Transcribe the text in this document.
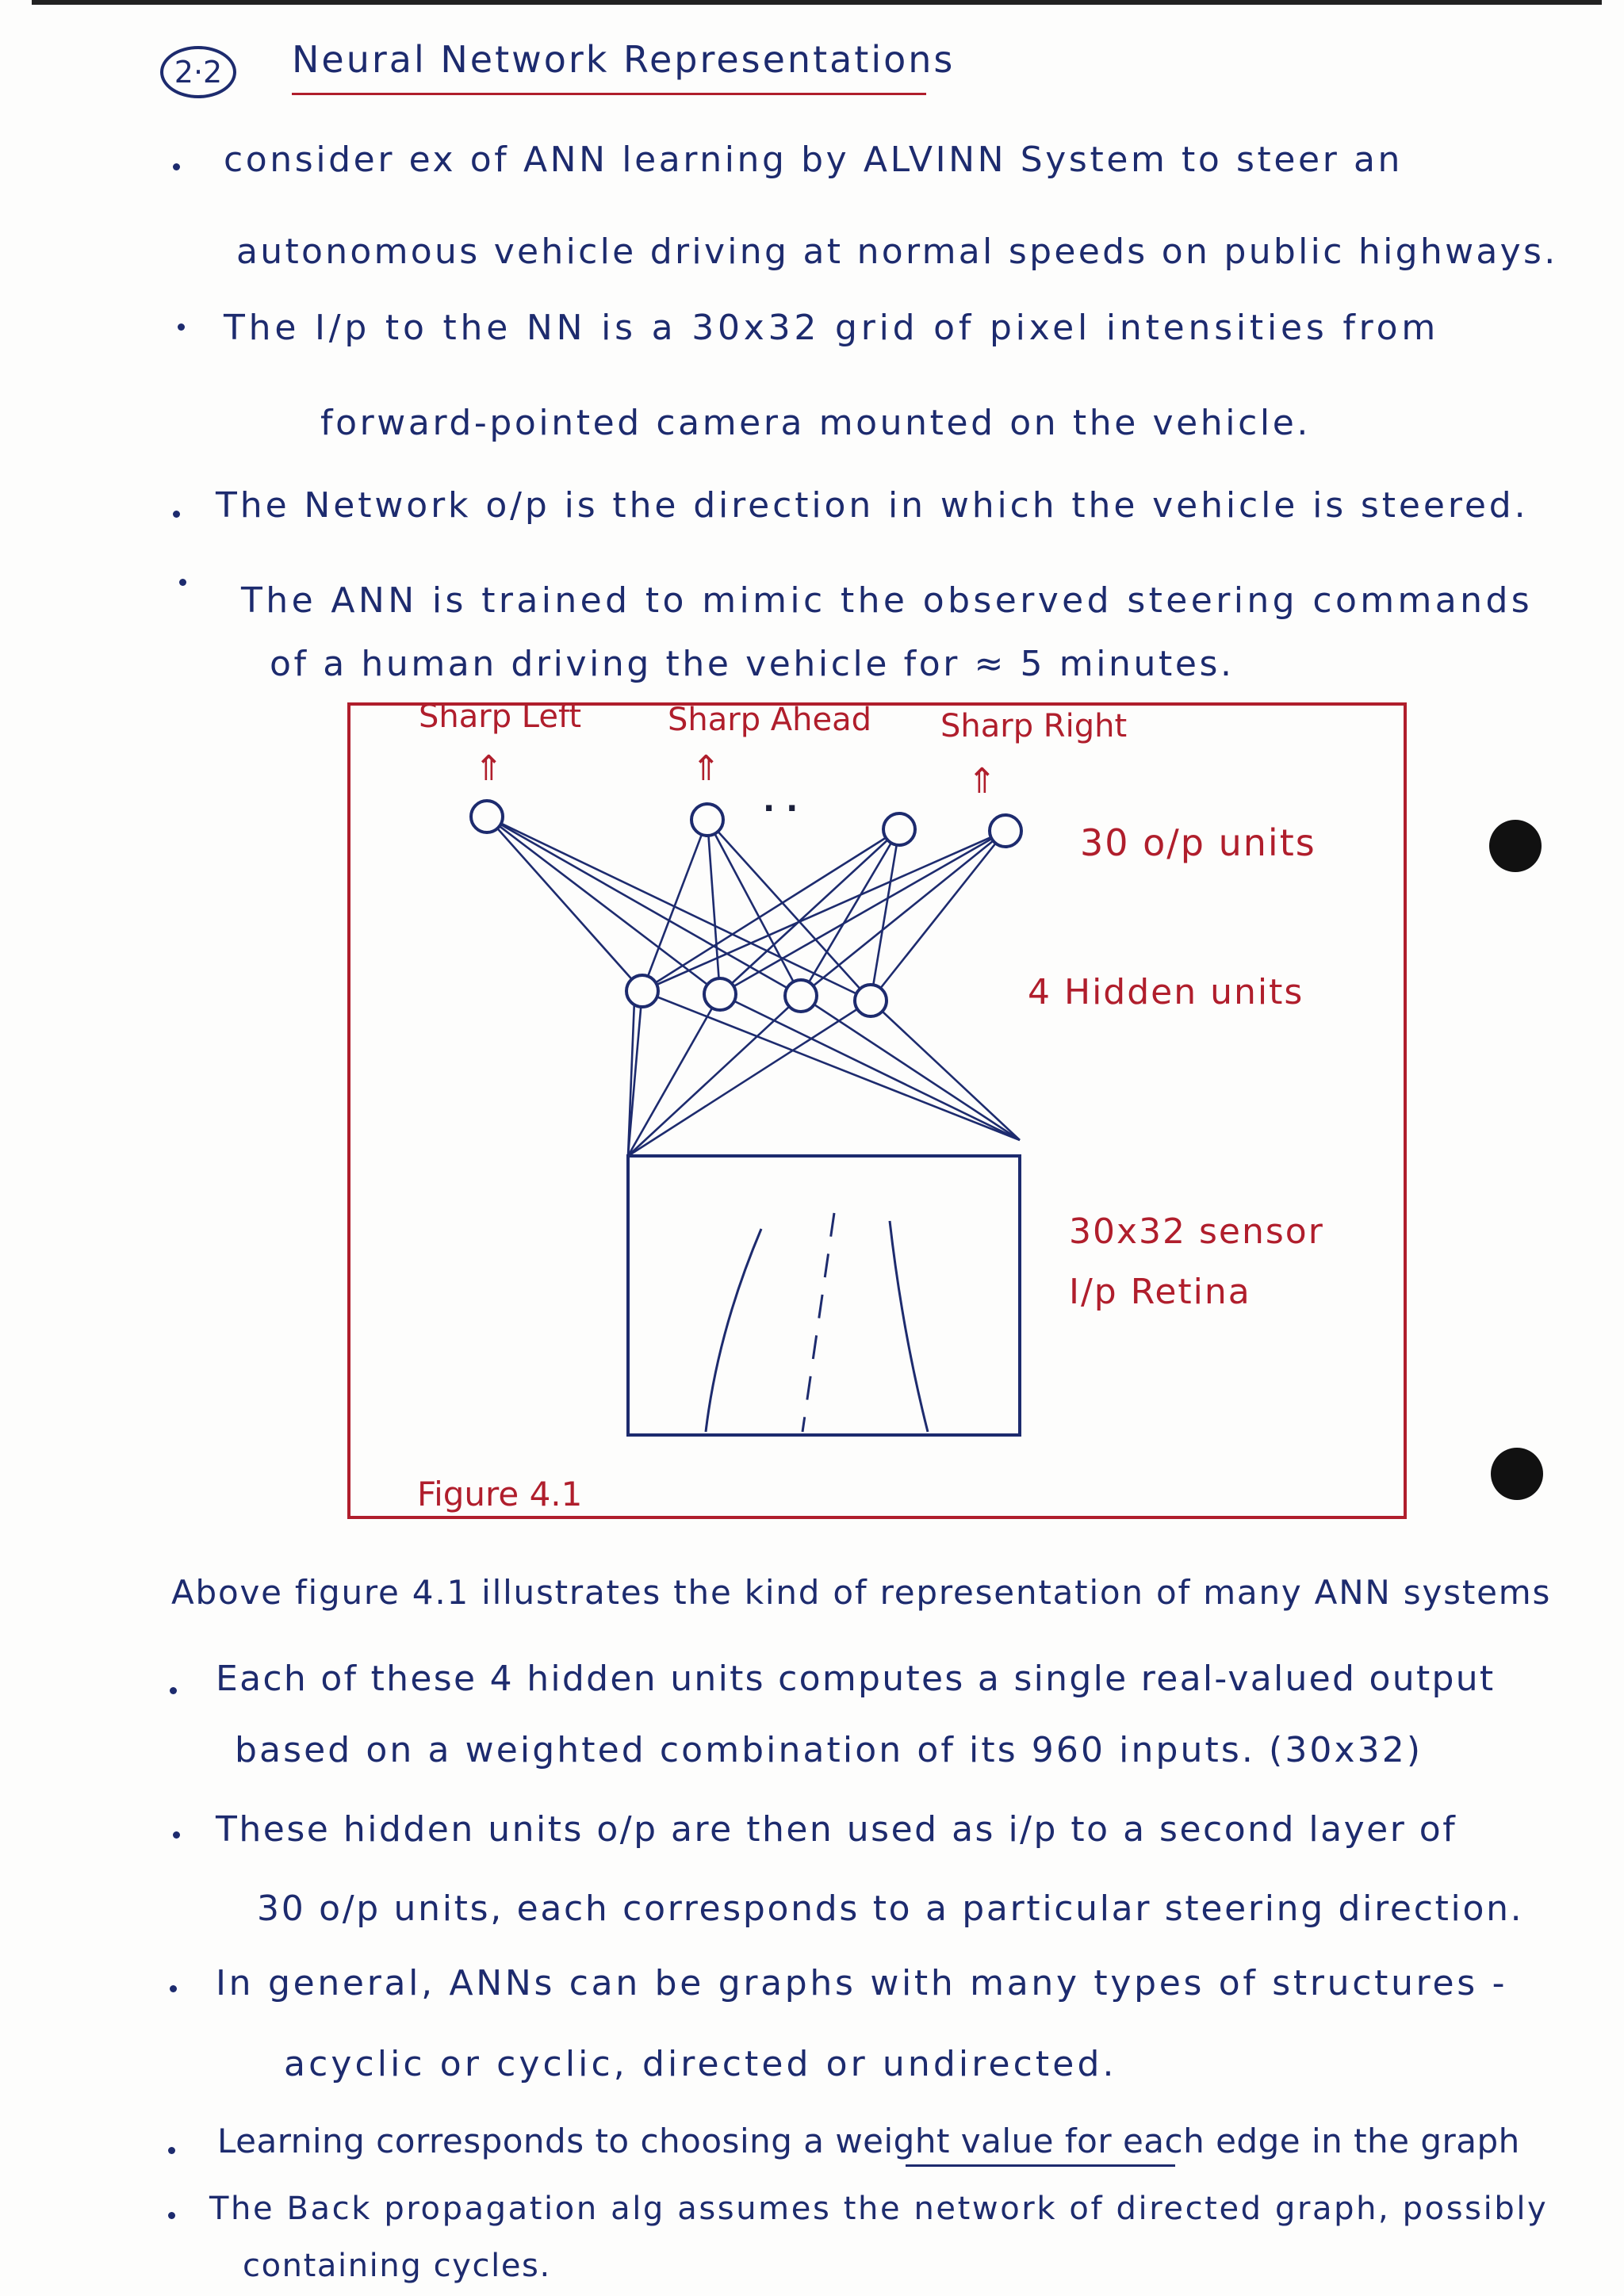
2·2	Neural Network Representations
consider ex of ANN learning by ALVINN System to steer an
autonomous vehicle driving at normal speeds on public highways.
The I/p to the NN is a 30x32 grid of pixel intensities from
forward-pointed camera mounted on the vehicle.
The Network o/p is the direction in which the vehicle is steered.
The ANN is trained to mimic the observed steering commands
of a human driving the vehicle for ≈ 5 minutes.
⇑	⇑	⇑
Sharp Left	Sharp Ahead Sharp Right
· ·
30 o/p units
4 Hidden units
30x32 sensor
I/p Retina
Figure 4.1
Above figure 4.1 illustrates the kind of representation of many ANN systems
Each of these 4 hidden units computes a single real-valued output
based on a weighted combination of its 960 inputs. (30x32)
These hidden units o/p are then used as i/p to a second layer of
30 o/p units, each corresponds to a particular steering direction.
In general, ANNs can be graphs with many types of structures -
acyclic or cyclic, directed or undirected.
Learning corresponds to choosing a weight value for each edge in the graph
The Back propagation alg assumes the network of directed graph, possibly
containing cycles.
